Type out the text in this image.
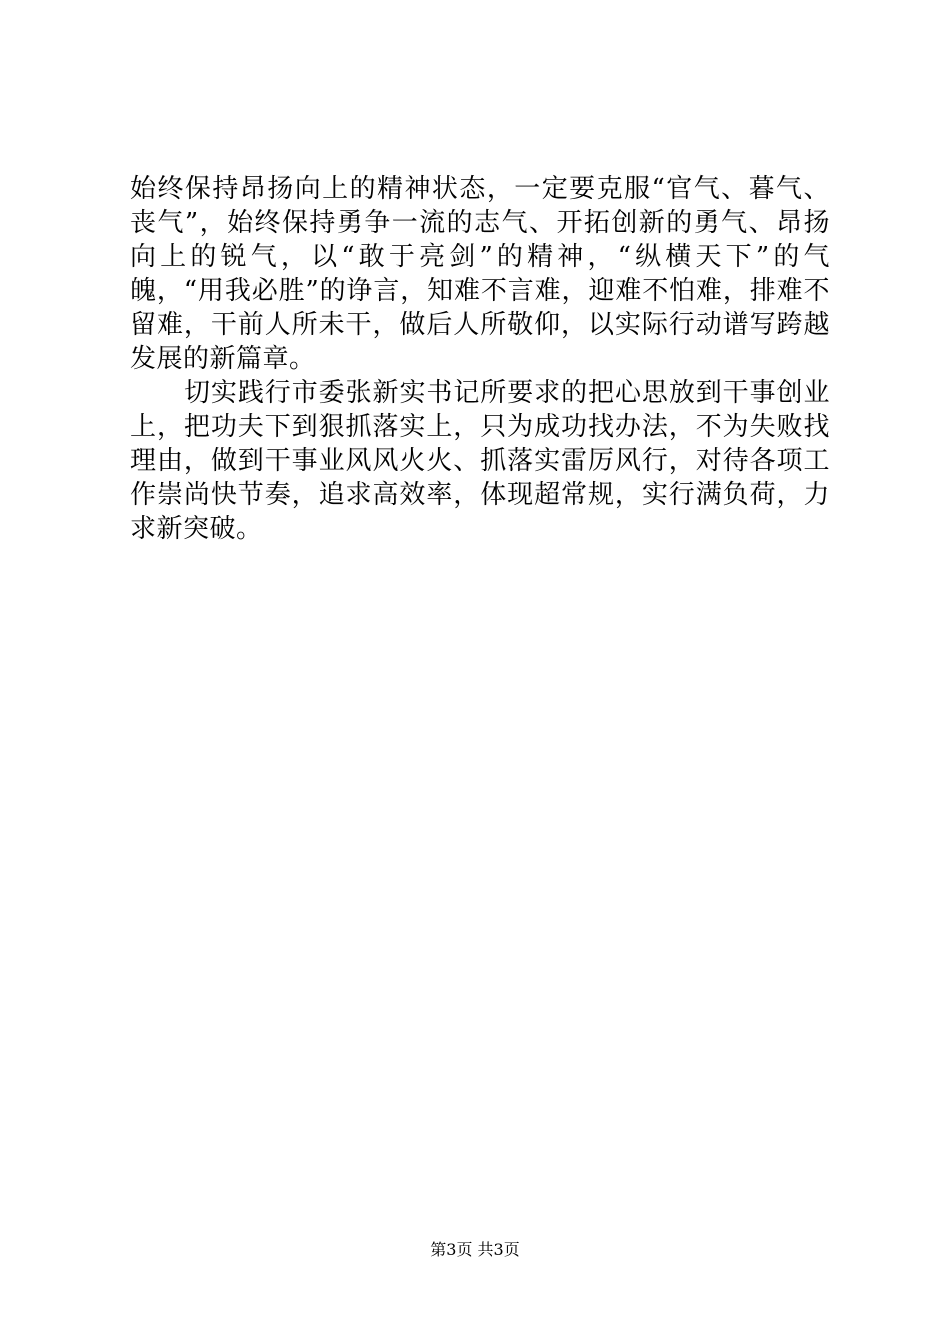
始终保持昂扬向上的精神状态，一定要克服“官气、暮气、丧气”，始终保持勇争一流的志气、开拓创新的勇气、昂扬向上的锐气，以“敢于亮剑”的精神，“纵横天下”的气魄，“用我必胜”的诤言，知难不言难，迎难不怕难，排难不留难，干前人所未干，做后人所敬仰，以实际行动谱写跨越发展的新篇章。

切实践行市委张新实书记所要求的把心思放到干事创业上，把功夫下到狠抓落实上，只为成功找办法，不为失败找理由，做到干事业风风火火、抓落实雷厉风行，对待各项工作崇尚快节奏，追求高效率，体现超常规，实行满负荷，力求新突破。

第3页 共3页
